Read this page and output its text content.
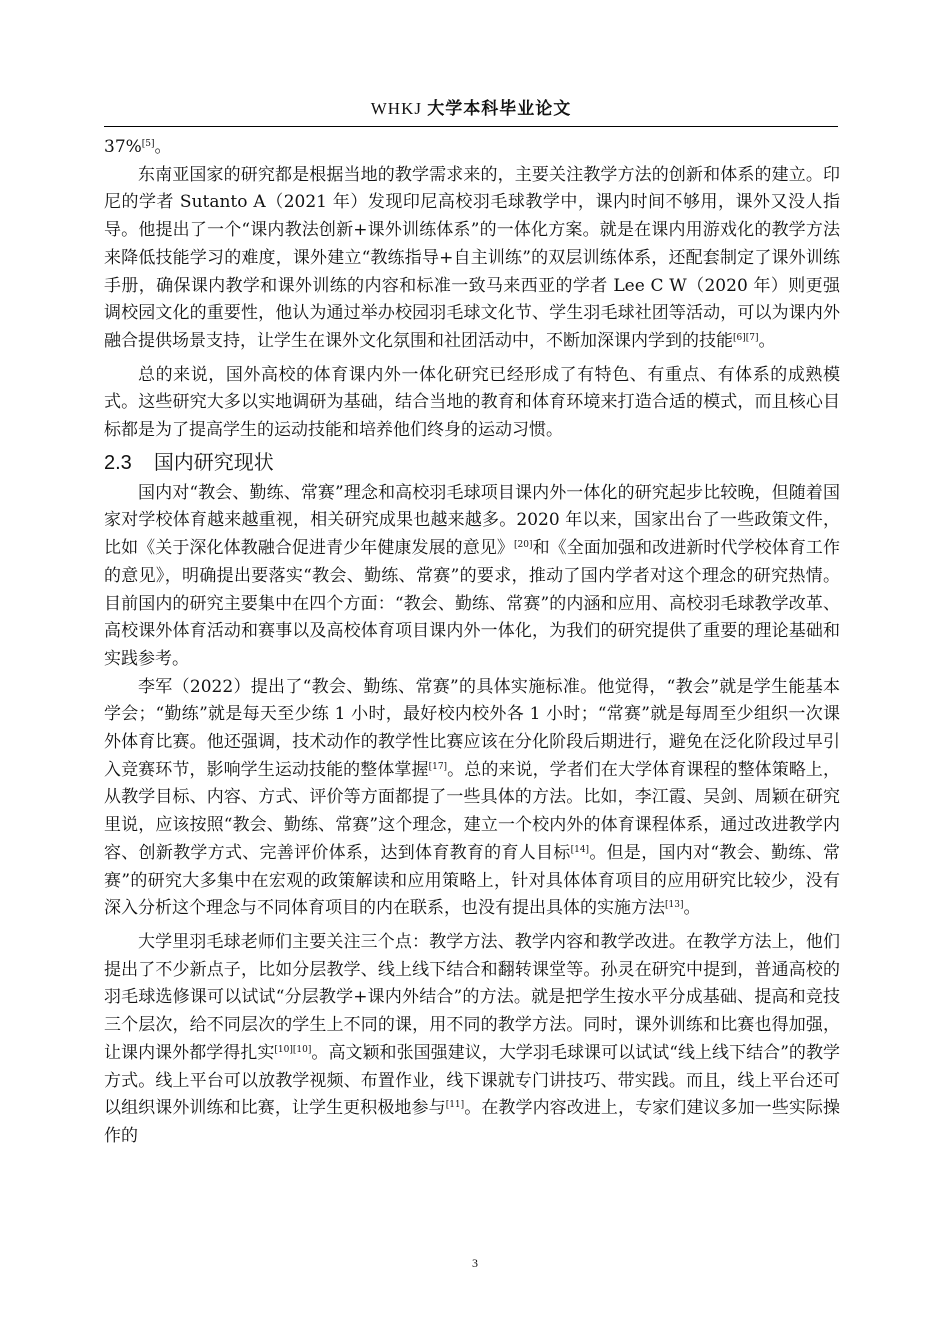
WHKJ 大学本科毕业论文

37%[5]。

东南亚国家的研究都是根据当地的教学需求来的，主要关注教学方法的创新和体系的建立。印尼的学者 Sutanto A（2021 年）发现印尼高校羽毛球教学中，课内时间不够用，课外又没人指导。他提出了一个“课内教法创新+课外训练体系”的一体化方案。就是在课内用游戏化的教学方法来降低技能学习的难度，课外建立“教练指导+自主训练”的双层训练体系，还配套制定了课外训练手册，确保课内教学和课外训练的内容和标准一致马来西亚的学者 Lee C W（2020 年）则更强调校园文化的重要性，他认为通过举办校园羽毛球文化节、学生羽毛球社团等活动，可以为课内外融合提供场景支持，让学生在课外文化氛围和社团活动中，不断加深课内学到的技能[6][7]。

总的来说，国外高校的体育课内外一体化研究已经形成了有特色、有重点、有体系的成熟模式。这些研究大多以实地调研为基础，结合当地的教育和体育环境来打造合适的模式，而且核心目标都是为了提高学生的运动技能和培养他们终身的运动习惯。

2.3 国内研究现状

国内对“教会、勤练、常赛”理念和高校羽毛球项目课内外一体化的研究起步比较晚，但随着国家对学校体育越来越重视，相关研究成果也越来越多。2020 年以来，国家出台了一些政策文件，比如《关于深化体教融合促进青少年健康发展的意见》[20]和《全面加强和改进新时代学校体育工作的意见》，明确提出要落实“教会、勤练、常赛”的要求，推动了国内学者对这个理念的研究热情。目前国内的研究主要集中在四个方面：“教会、勤练、常赛”的内涵和应用、高校羽毛球教学改革、高校课外体育活动和赛事以及高校体育项目课内外一体化，为我们的研究提供了重要的理论基础和实践参考。

李军（2022）提出了“教会、勤练、常赛”的具体实施标准。他觉得，“教会”就是学生能基本学会；“勤练”就是每天至少练 1 小时，最好校内校外各 1 小时；“常赛”就是每周至少组织一次课外体育比赛。他还强调，技术动作的教学性比赛应该在分化阶段后期进行，避免在泛化阶段过早引入竞赛环节，影响学生运动技能的整体掌握[17]。总的来说，学者们在大学体育课程的整体策略上，从教学目标、内容、方式、评价等方面都提了一些具体的方法。比如，李江霞、吴剑、周颖在研究里说，应该按照“教会、勤练、常赛”这个理念，建立一个校内外的体育课程体系，通过改进教学内容、创新教学方式、完善评价体系，达到体育教育的育人目标[14]。但是，国内对“教会、勤练、常赛”的研究大多集中在宏观的政策解读和应用策略上，针对具体体育项目的应用研究比较少，没有深入分析这个理念与不同体育项目的内在联系，也没有提出具体的实施方法[13]。

大学里羽毛球老师们主要关注三个点：教学方法、教学内容和教学改进。在教学方法上，他们提出了不少新点子，比如分层教学、线上线下结合和翻转课堂等。孙灵在研究中提到，普通高校的羽毛球选修课可以试试“分层教学+课内外结合”的方法。就是把学生按水平分成基础、提高和竞技三个层次，给不同层次的学生上不同的课，用不同的教学方法。同时，课外训练和比赛也得加强，让课内课外都学得扎实[10][10]。高文颖和张国强建议，大学羽毛球课可以试试“线上线下结合”的教学方式。线上平台可以放教学视频、布置作业，线下课就专门讲技巧、带实践。而且，线上平台还可以组织课外训练和比赛，让学生更积极地参与[11]。在教学内容改进上，专家们建议多加一些实际操作的

3
